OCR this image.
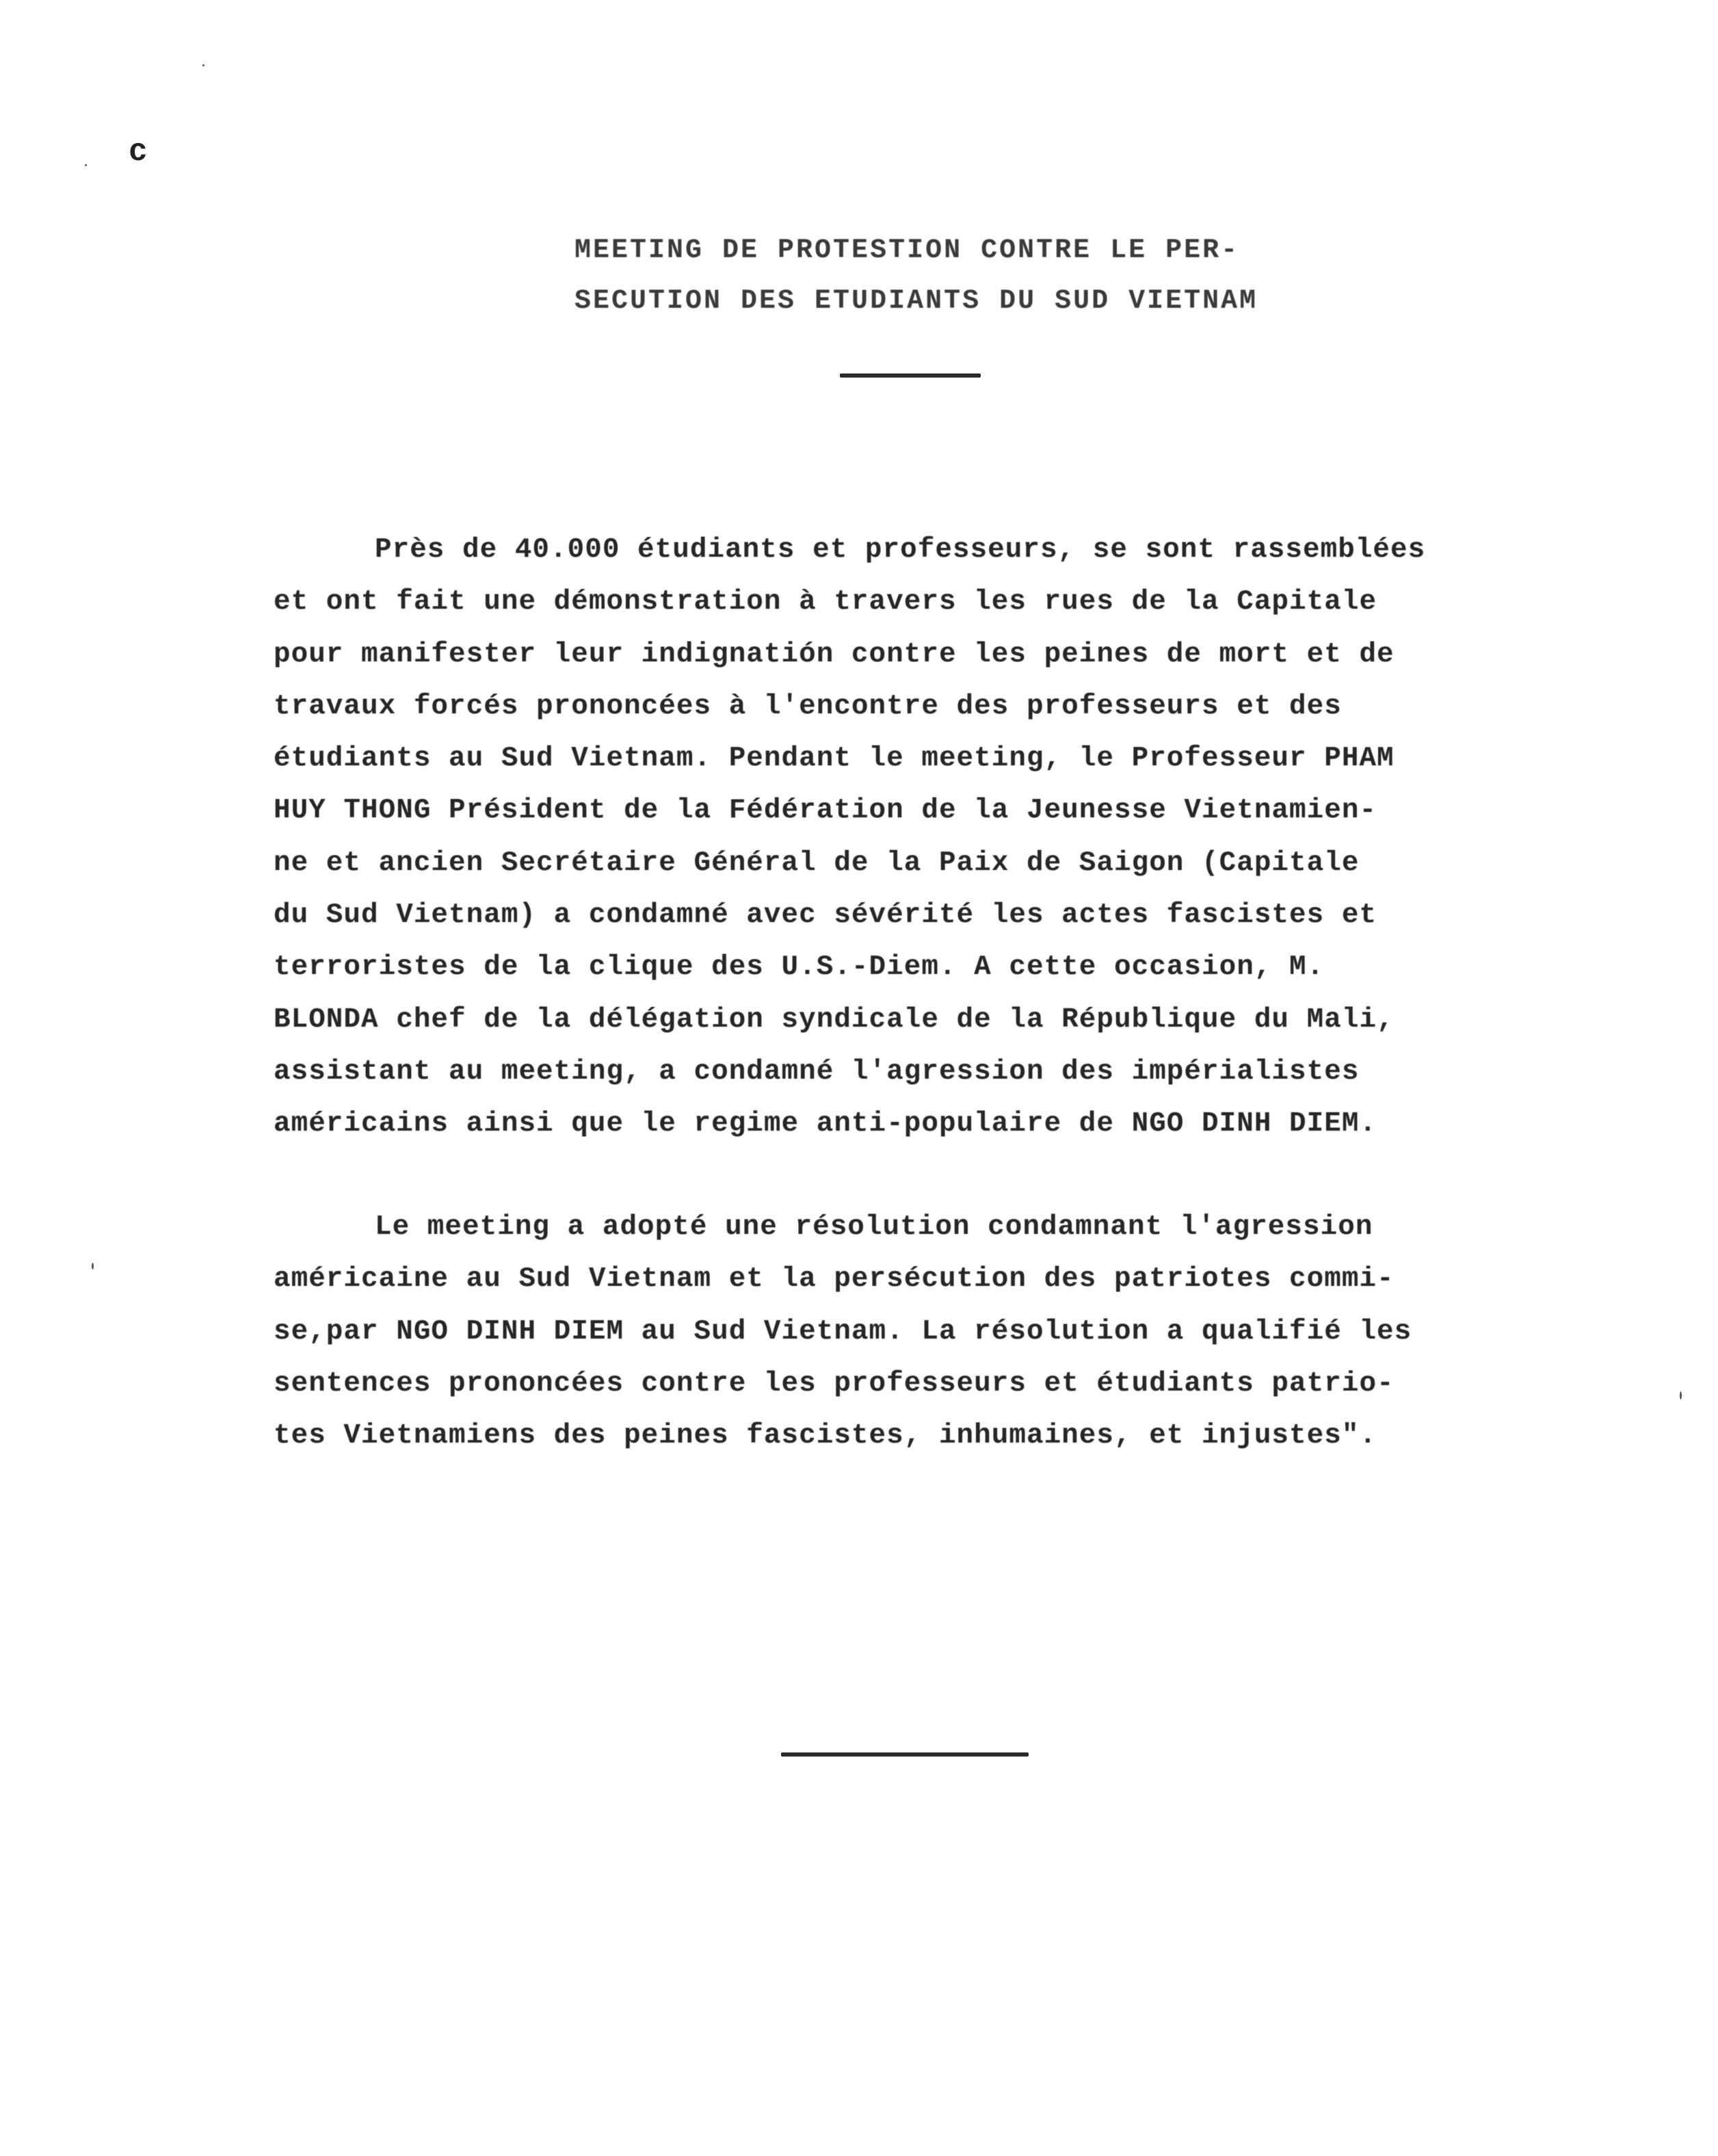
c
MEETING DE PROTESTION CONTRE LE PER-
SECUTION DES ETUDIANTS DU SUD VIETNAM
Près de 40.000 étudiants et professeurs, se sont rassemblées
et ont fait une démonstration à travers les rues de la Capitale
pour manifester leur indignatión contre les peines de mort et de
travaux forcés prononcées à l'encontre des professeurs et des
étudiants au Sud Vietnam. Pendant le meeting, le Professeur PHAM
HUY THONG Président de la Fédération de la Jeunesse Vietnamien-
ne et ancien Secrétaire Général de la Paix de Saigon (Capitale
du Sud Vietnam) a condamné avec sévérité les actes fascistes et
terroristes de la clique des U.S.-Diem. A cette occasion, M.
BLONDA chef de la délégation syndicale de la République du Mali,
assistant au meeting, a condamné l'agression des impérialistes
américains ainsi que le regime anti-populaire de NGO DINH DIEM.
Le meeting a adopté une résolution condamnant l'agression
américaine au Sud Vietnam et la persécution des patriotes commi-
se,par NGO DINH DIEM au Sud Vietnam. La résolution a qualifié les
sentences prononcées contre les professeurs et étudiants patrio-
tes Vietnamiens des peines fascistes, inhumaines, et injustes".
